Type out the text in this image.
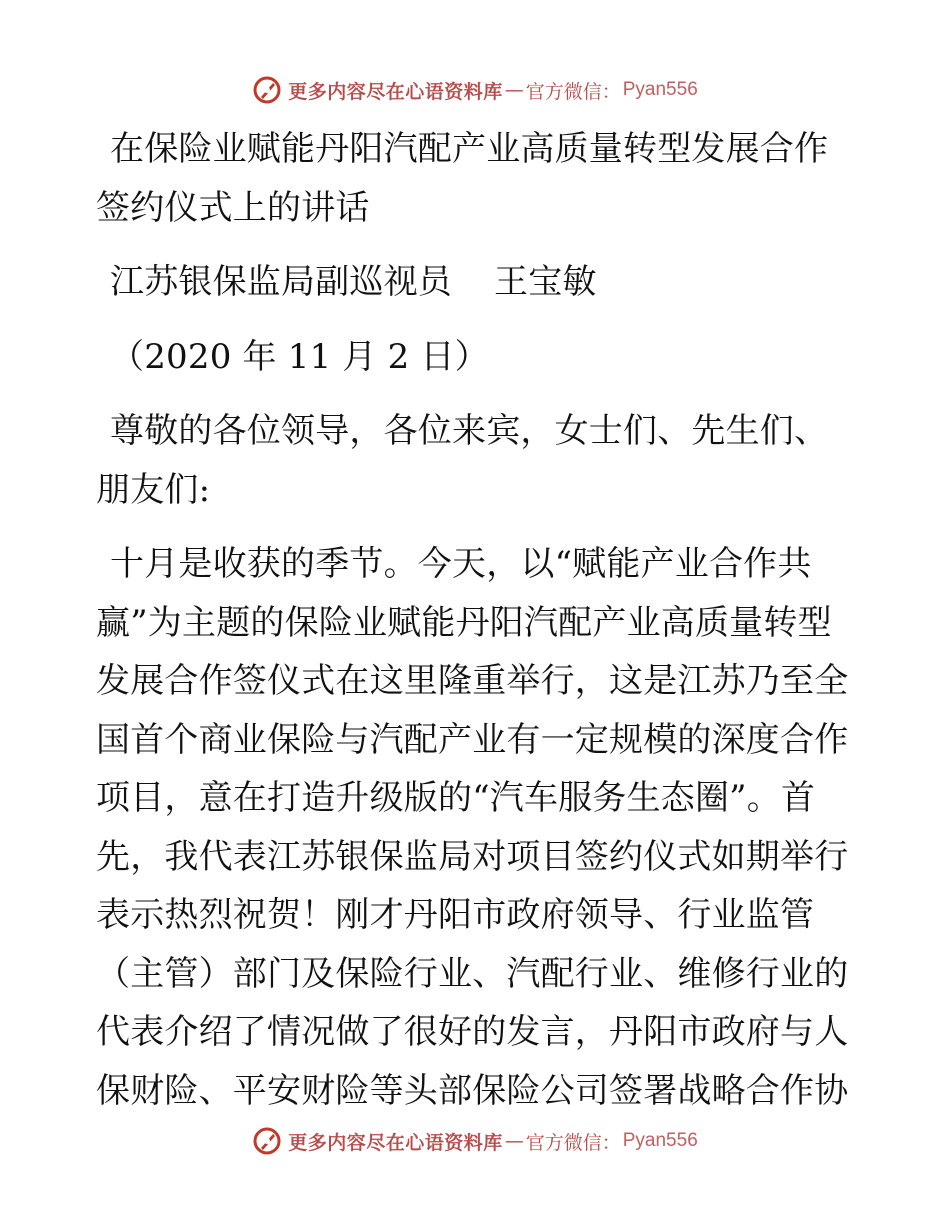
更多内容尽在心语资料库 — 官方微信： Pyan556
在保险业赋能丹阳汽配产业高质量转型发展合作
签约仪式上的讲话
江苏银保监局副巡视员 王宝敏
（2020 年 11 月 2 日）
尊敬的各位领导，各位来宾，女士们、先生们、
朋友们:
十月是收获的季节。今天，以“赋能产业合作共
赢”为主题的保险业赋能丹阳汽配产业高质量转型
发展合作签仪式在这里隆重举行，这是江苏乃至全
国首个商业保险与汽配产业有一定规模的深度合作
项目，意在打造升级版的“汽车服务生态圈”。首
先，我代表江苏银保监局对项目签约仪式如期举行
表示热烈祝贺！刚才丹阳市政府领导、行业监管
（主管）部门及保险行业、汽配行业、维修行业的
代表介绍了情况做了很好的发言，丹阳市政府与人
保财险、平安财险等头部保险公司签署战略合作协
更多内容尽在心语资料库 — 官方微信： Pyan556
